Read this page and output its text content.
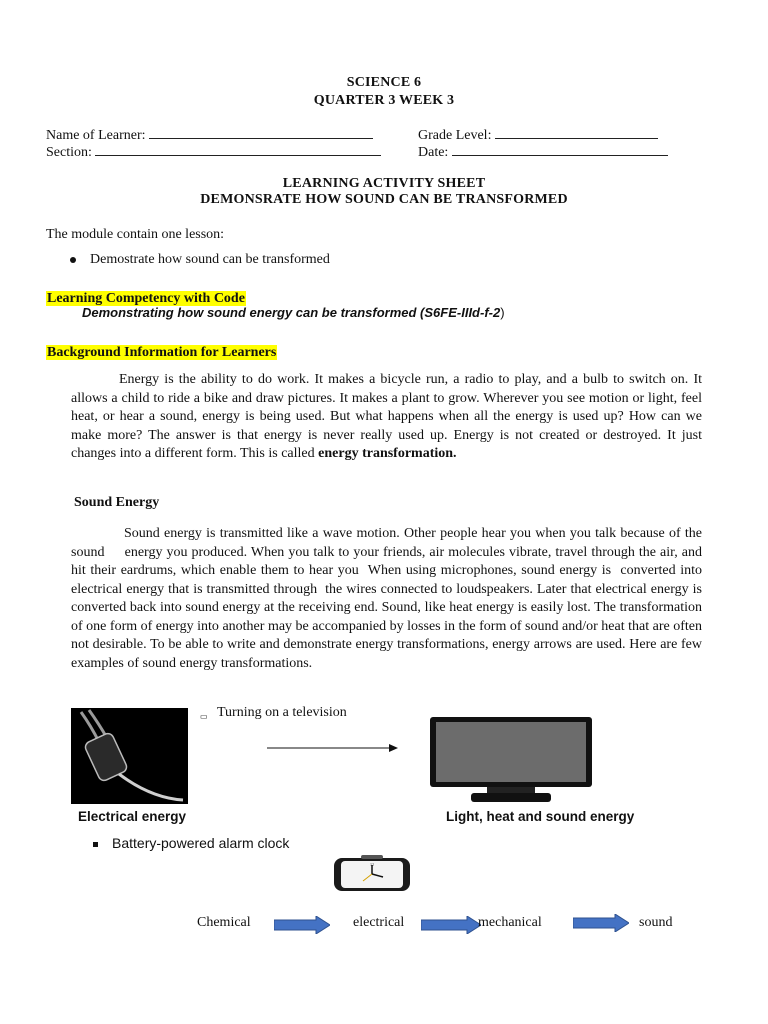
SCIENCE 6
QUARTER 3 WEEK 3
Name of Learner:	Grade Level:
Section:	Date:
LEARNING ACTIVITY SHEET
DEMONSRATE HOW SOUND CAN BE TRANSFORMED
The module contain one lesson:
Demostrate how sound can be transformed
Learning Competency with Code
Demonstrating how sound energy can be transformed (S6FE-IIId-f-2)
Background Information for Learners
Energy is the ability to do work. It makes a bicycle run, a radio to play, and a bulb to switch on. It allows a child to ride a bike and draw pictures. It makes a plant to grow. Wherever you see motion or light, feel heat, or hear a sound, energy is being used. But what happens when all the energy is used up? How can we make more? The answer is that energy is never really used up. Energy is not created or destroyed. It just changes into a different form. This is called energy transformation.
Sound Energy
Sound energy is transmitted like a wave motion. Other people hear you when you talk because of the     sound     energy you produced. When you talk to your friends, air molecules vibrate, travel through the air, and    hit their eardrums, which enable them to hear you  When using microphones, sound energy is  converted into electrical energy that is transmitted through  the wires connected to loudspeakers. Later that electrical energy is converted back into sound energy at the receiving end. Sound, like heat energy is easily lost. The transformation of one form of energy into another may be accompanied by losses in the form of sound and/or heat that are often not desirable. To be able to write and demonstrate energy transformations, energy arrows are used. Here are few examples of sound energy transformations.
▭ Turning on a television
Electrical energy	Light, heat and sound energy
Battery-powered alarm clock
12
Chemical	electrical	mechanical	sound
